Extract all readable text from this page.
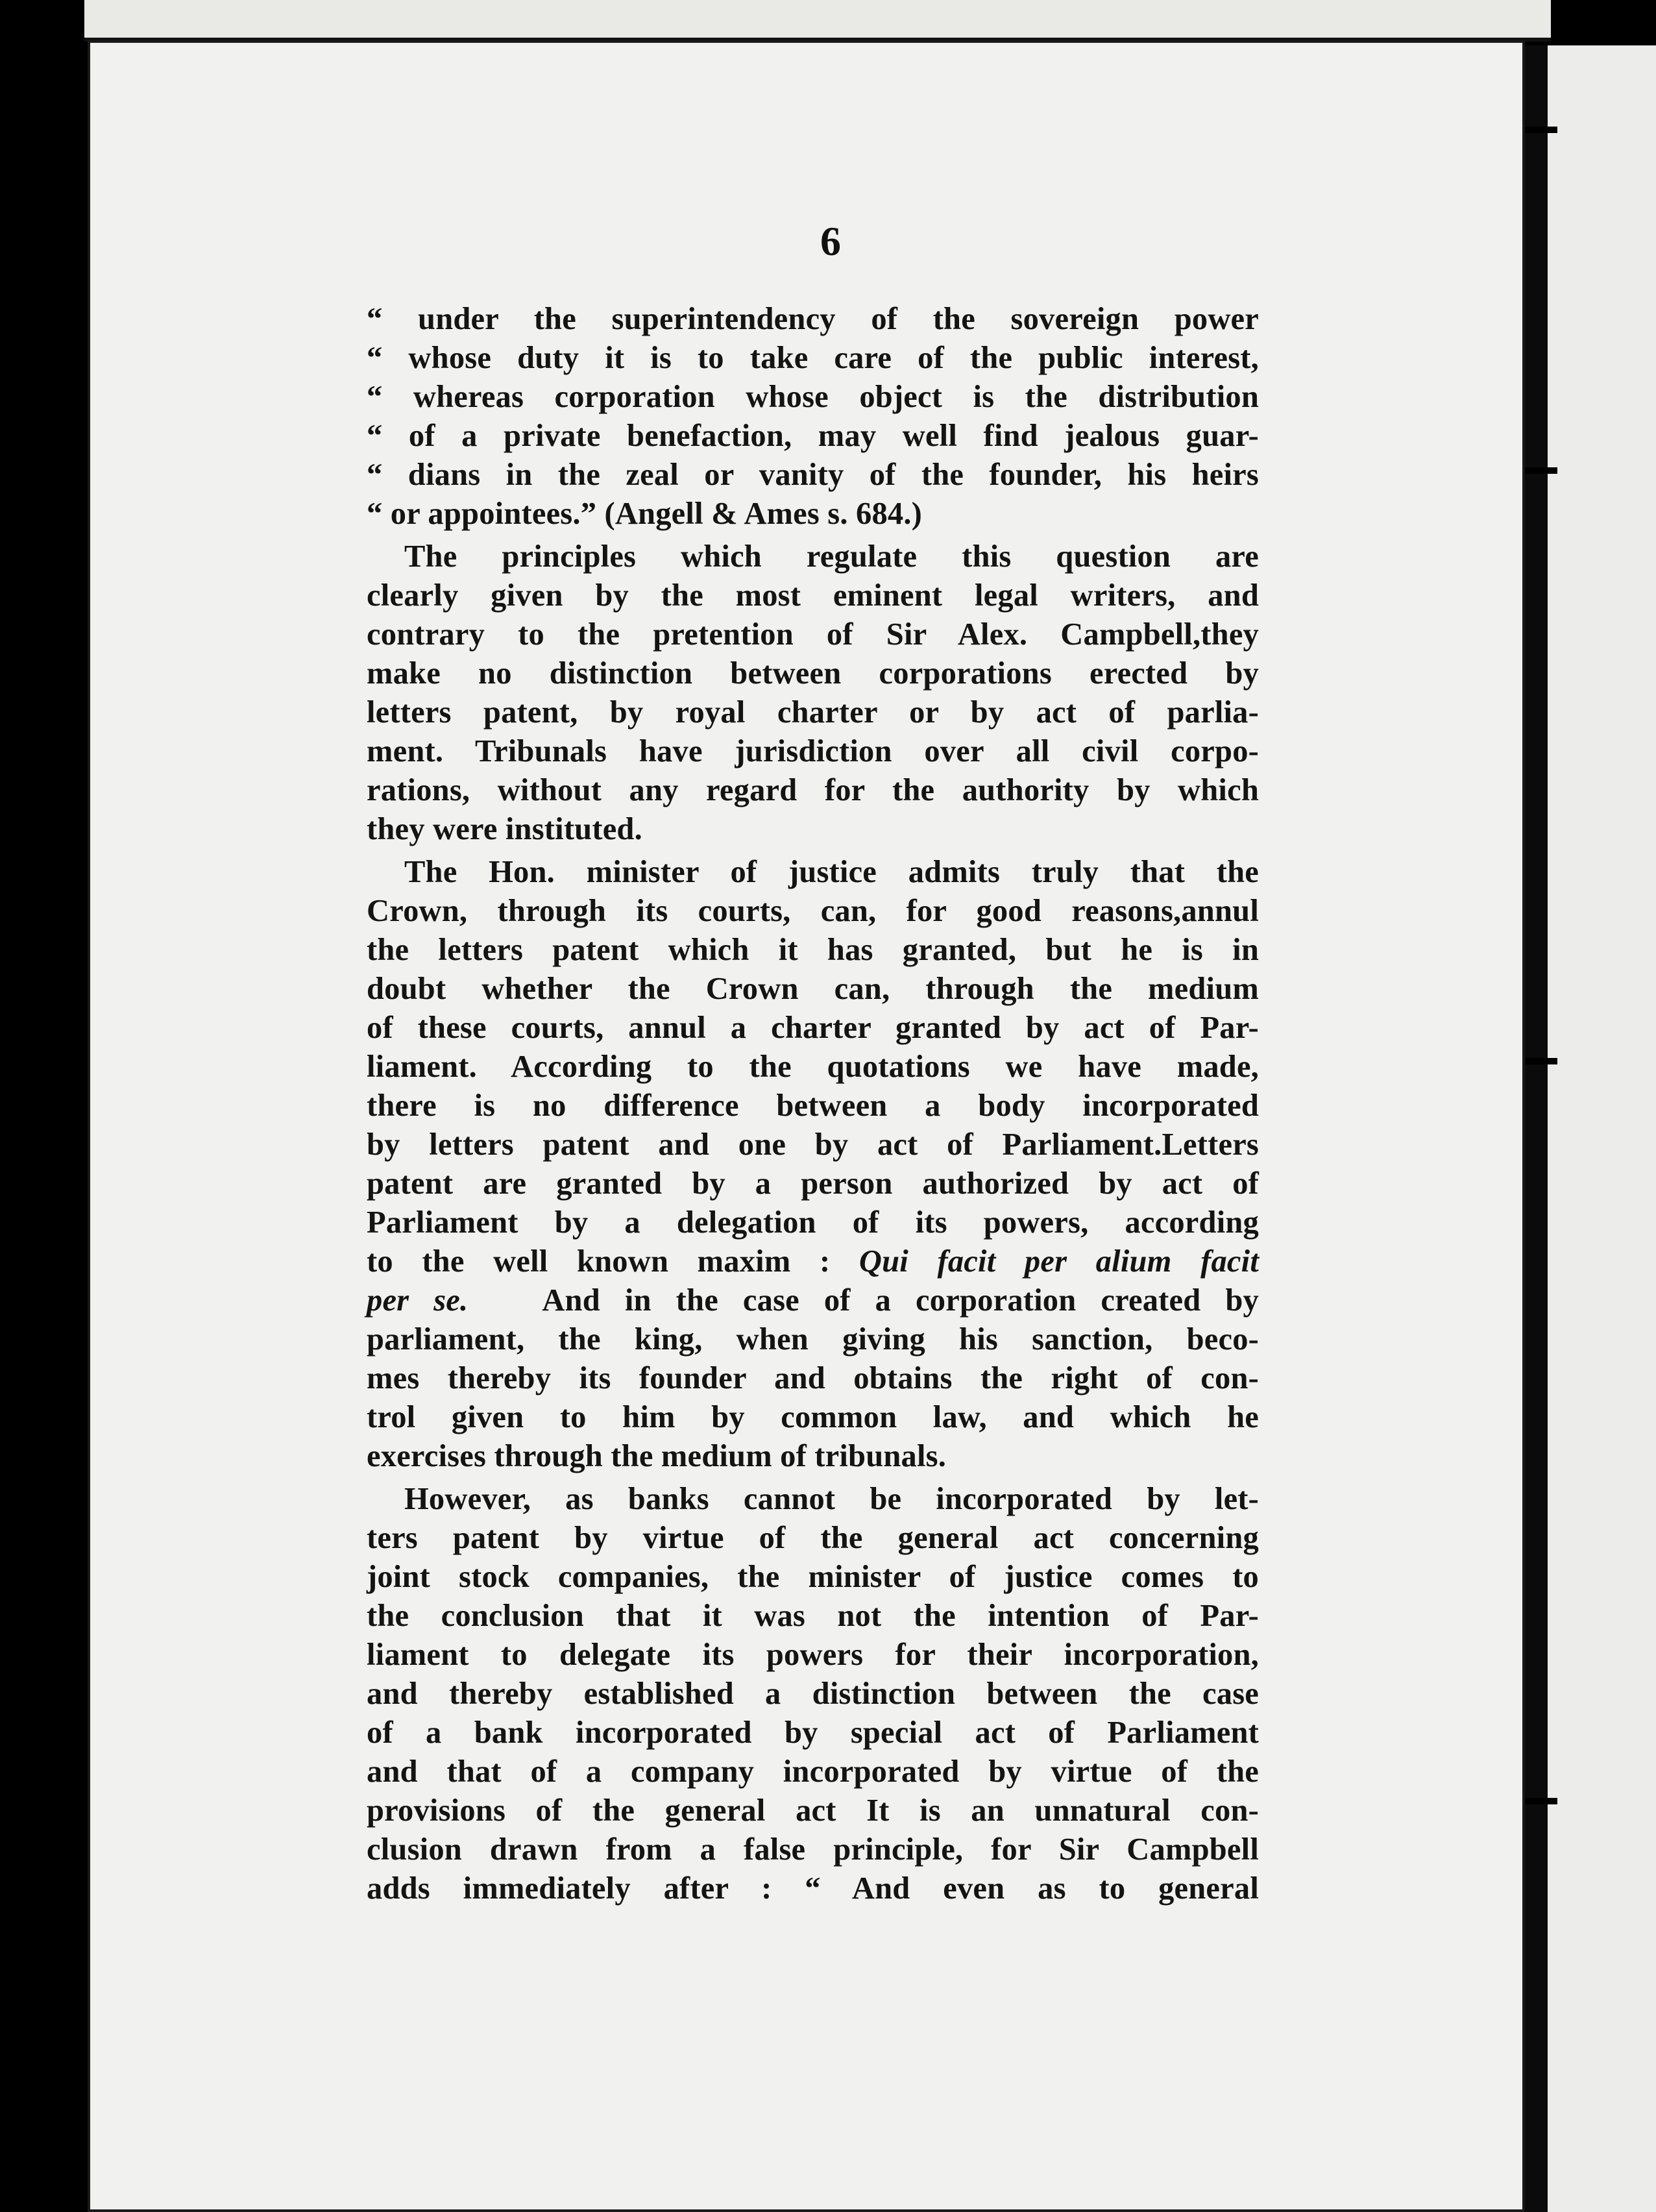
6
“ under the superintendency of the sovereign power
“ whose duty it is to take care of the public interest,
“ whereas corporation whose object is the distribution
“ of a private benefaction, may well find jealous guar-
“ dians in the zeal or vanity of the founder, his heirs
“ or appointees.” (Angell & Ames s. 684.)
The principles which regulate this question are
clearly given by the most eminent legal writers, and
contrary to the pretention of Sir Alex. Campbell,they
make no distinction between corporations erected by
letters patent, by royal charter or by act of parlia-
ment. Tribunals have jurisdiction over all civil corpo-
rations, without any regard for the authority by which
they were instituted.
The Hon. minister of justice admits truly that the
Crown, through its courts, can, for good reasons,annul
the letters patent which it has granted, but he is in
doubt whether the Crown can, through the medium
of these courts, annul a charter granted by act of Par-
liament. According to the quotations we have made,
there is no difference between a body incorporated
by letters patent and one by act of Parliament.Letters
patent are granted by a person authorized by act of
Parliament by a delegation of its powers, according
to the well known maxim : Qui facit per alium facit
per se. And in the case of a corporation created by
parliament, the king, when giving his sanction, beco-
mes thereby its founder and obtains the right of con-
trol given to him by common law, and which he
exercises through the medium of tribunals.
However, as banks cannot be incorporated by let-
ters patent by virtue of the general act concerning
joint stock companies, the minister of justice comes to
the conclusion that it was not the intention of Par-
liament to delegate its powers for their incorporation,
and thereby established a distinction between the case
of a bank incorporated by special act of Parliament
and that of a company incorporated by virtue of the
provisions of the general act It is an unnatural con-
clusion drawn from a false principle, for Sir Campbell
adds immediately after : “ And even as to general
